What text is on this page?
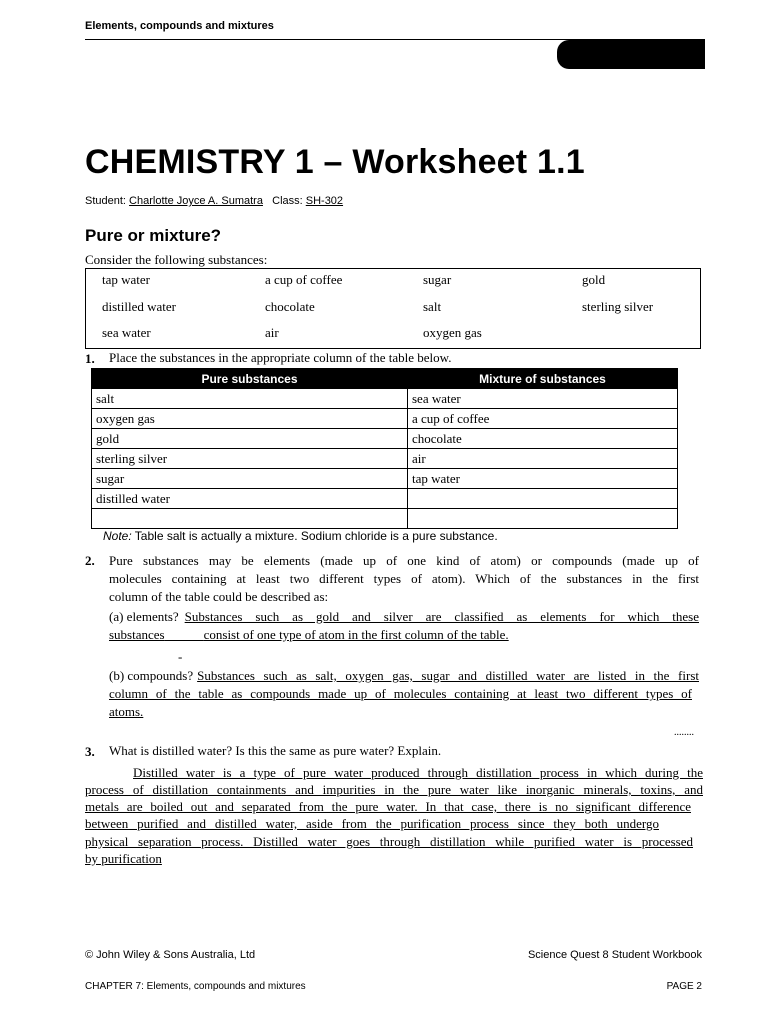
Elements, compounds and mixtures
CHEMISTRY 1 – Worksheet 1.1
Student: Charlotte Joyce A. Sumatra Class: SH-302
Pure or mixture?
Consider the following substances:
tap water	a cup of coffee	sugar	gold
distilled water	chocolate	salt	sterling silver
sea water	air	oxygen gas
1. Place the substances in the appropriate column of the table below.
Pure substances	Mixture of substances
salt	sea water
oxygen gas	a cup of coffee
gold	chocolate
sterling silver	air
sugar	tap water
distilled water	

Note: Table salt is actually a mixture. Sodium chloride is a pure substance.
2. Pure substances may be elements (made up of one kind of atom) or compounds (made up of
molecules containing at least two different types of atom). Which of the substances in the first
column of the table could be described as:
(a) elements? Substances such as gold and silver are classified as elements for which these
substances	consist of one type of atom in the first column of the table.
-
(b) compounds? Substances such as salt, oxygen gas, sugar and distilled water are listed in the first
column of the table as compounds made up of molecules containing at least two different types of
atoms.
........
3. What is distilled water? Is this the same as pure water? Explain.
Distilled water is a type of pure water produced through distillation process in which during the
process of distillation containments and impurities in the pure water like inorganic minerals, toxins, and
metals are boiled out and separated from the pure water. In that case, there is no significant difference
between purified and distilled water, aside from the purification process since they both undergo
physical separation process. Distilled water goes through distillation while purified water is processed
by purification
© John Wiley & Sons Australia, Ltd	Science Quest 8 Student Workbook
CHAPTER 7: Elements, compounds and mixtures	PAGE 2
